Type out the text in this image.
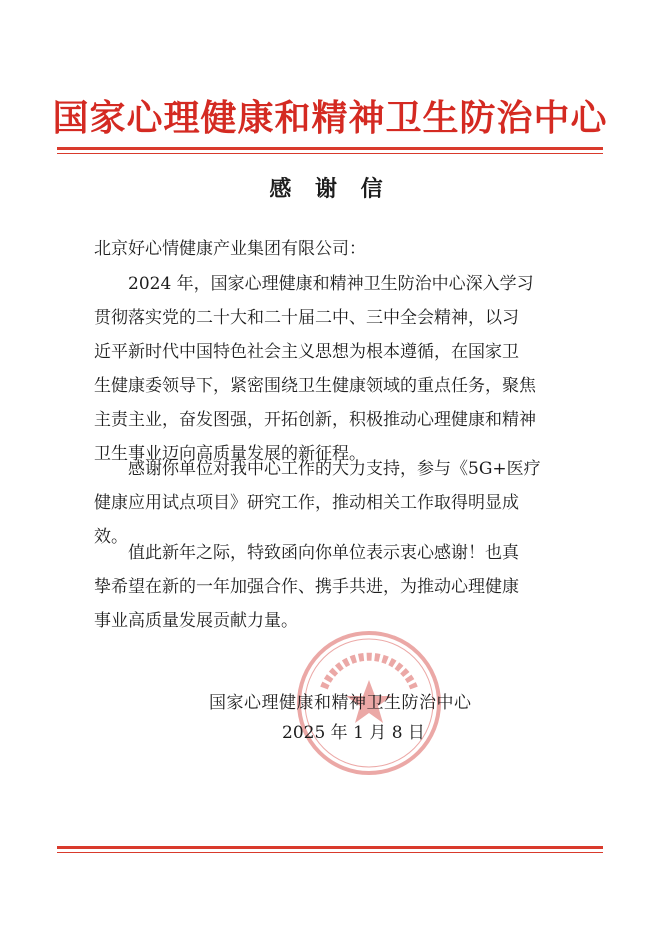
国家心理健康和精神卫生防治中心
感 谢 信
北京好心情健康产业集团有限公司：
　　2024 年，国家心理健康和精神卫生防治中心深入学习
贯彻落实党的二十大和二十届二中、三中全会精神，以习
近平新时代中国特色社会主义思想为根本遵循，在国家卫
生健康委领导下，紧密围绕卫生健康领域的重点任务，聚焦
主责主业，奋发图强，开拓创新，积极推动心理健康和精神
卫生事业迈向高质量发展的新征程。
　　感谢你单位对我中心工作的大力支持，参与《5G+医疗
健康应用试点项目》研究工作，推动相关工作取得明显成
效。
　　值此新年之际，特致函向你单位表示衷心感谢！也真
挚希望在新的一年加强合作、携手共进，为推动心理健康
事业高质量发展贡献力量。
国家心理健康和精神卫生防治中心
2025 年 1 月 8 日
